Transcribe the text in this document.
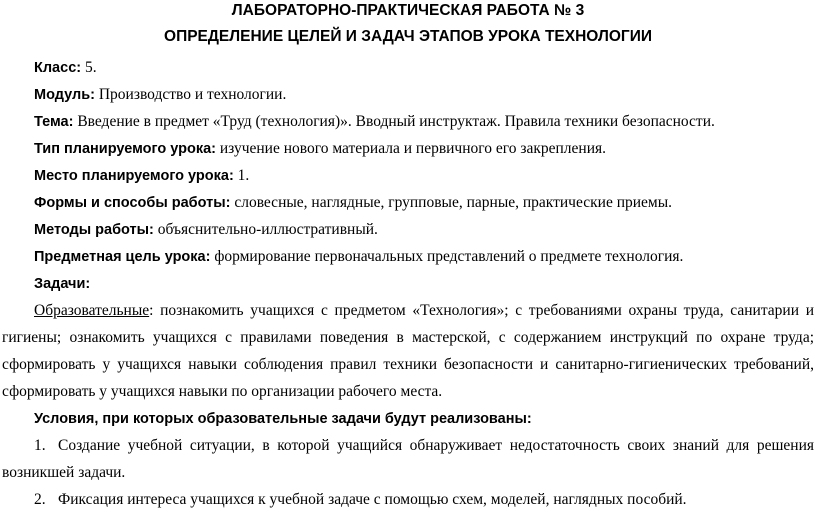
ЛАБОРАТОРНО-ПРАКТИЧЕСКАЯ РАБОТА № 3
ОПРЕДЕЛЕНИЕ ЦЕЛЕЙ И ЗАДАЧ ЭТАПОВ УРОКА ТЕХНОЛОГИИ
Класс: 5.
Модуль: Производство и технологии.
Тема: Введение в предмет «Труд (технология)». Вводный инструктаж. Правила техники безопасности.
Тип планируемого урока: изучение нового материала и первичного его закрепления.
Место планируемого урока: 1.
Формы и способы работы: словесные, наглядные, групповые, парные, практические приемы.
Методы работы: объяснительно-иллюстративный.
Предметная цель урока: формирование первоначальных представлений о предмете технология.
Задачи:

Образовательные: познакомить учащихся с предметом «Технология»; с требованиями охраны труда, санитарии и гигиены; ознакомить учащихся с правилами поведения в мастерской, с содержанием инструкций по охране труда; сформировать у учащихся навыки соблюдения правил техники безопасности и санитарно-гигиенических требований, сформировать у учащихся навыки по организации рабочего места.

Условия, при которых образовательные задачи будут реализованы:

1. Создание учебной ситуации, в которой учащийся обнаруживает недостаточность своих знаний для решения возникшей задачи.

2. Фиксация интереса учащихся к учебной задаче с помощью схем, моделей, наглядных пособий.
